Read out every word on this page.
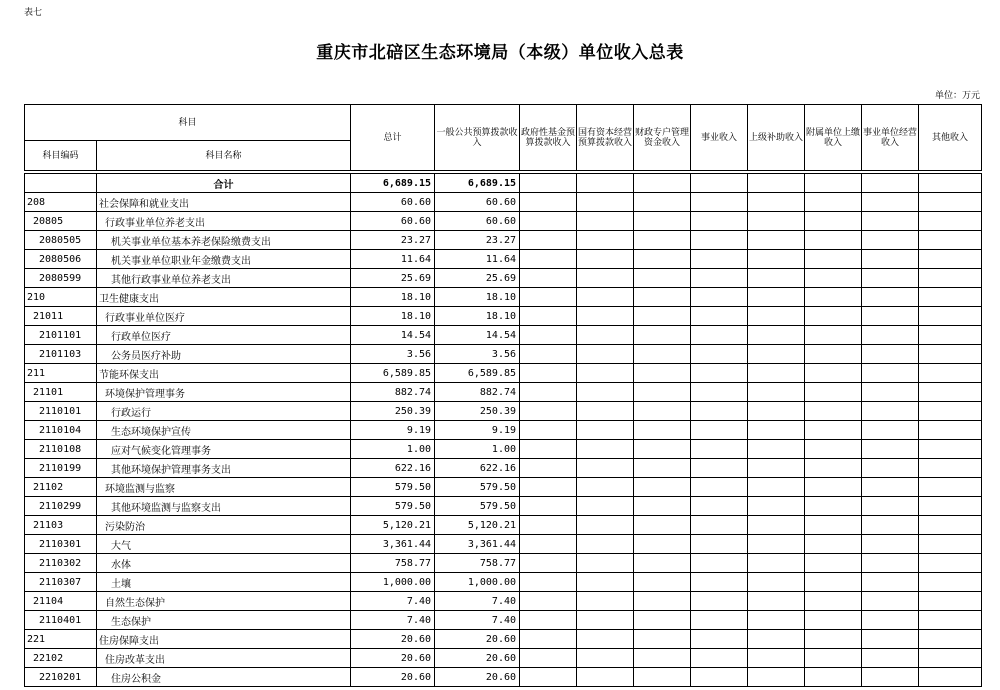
表七
重庆市北碚区生态环境局（本级）单位收入总表
单位：万元
科目		总计	一般公共预算拨款收入	政府性基金预算拨款收入	国有资本经营预算拨款收入	财政专户管理资金收入	事业收入	上级补助收入	附属单位上缴收入	事业单位经营收入	其他收入
科目编码	科目名称										

	合计	6,689.15	6,689.15								
208	社会保障和就业支出	60.60	60.60								
20805	行政事业单位养老支出	60.60	60.60								
2080505	机关事业单位基本养老保险缴费支出	23.27	23.27								
2080506	机关事业单位职业年金缴费支出	11.64	11.64								
2080599	其他行政事业单位养老支出	25.69	25.69								
210	卫生健康支出	18.10	18.10								
21011	行政事业单位医疗	18.10	18.10								
2101101	行政单位医疗	14.54	14.54								
2101103	公务员医疗补助	3.56	3.56								
211	节能环保支出	6,589.85	6,589.85								
21101	环境保护管理事务	882.74	882.74								
2110101	行政运行	250.39	250.39								
2110104	生态环境保护宣传	9.19	9.19								
2110108	应对气候变化管理事务	1.00	1.00								
2110199	其他环境保护管理事务支出	622.16	622.16								
21102	环境监测与监察	579.50	579.50								
2110299	其他环境监测与监察支出	579.50	579.50								
21103	污染防治	5,120.21	5,120.21								
2110301	大气	3,361.44	3,361.44								
2110302	水体	758.77	758.77								
2110307	土壤	1,000.00	1,000.00								
21104	自然生态保护	7.40	7.40								
2110401	生态保护	7.40	7.40								
221	住房保障支出	20.60	20.60								
22102	住房改革支出	20.60	20.60								
2210201	住房公积金	20.60	20.60								
